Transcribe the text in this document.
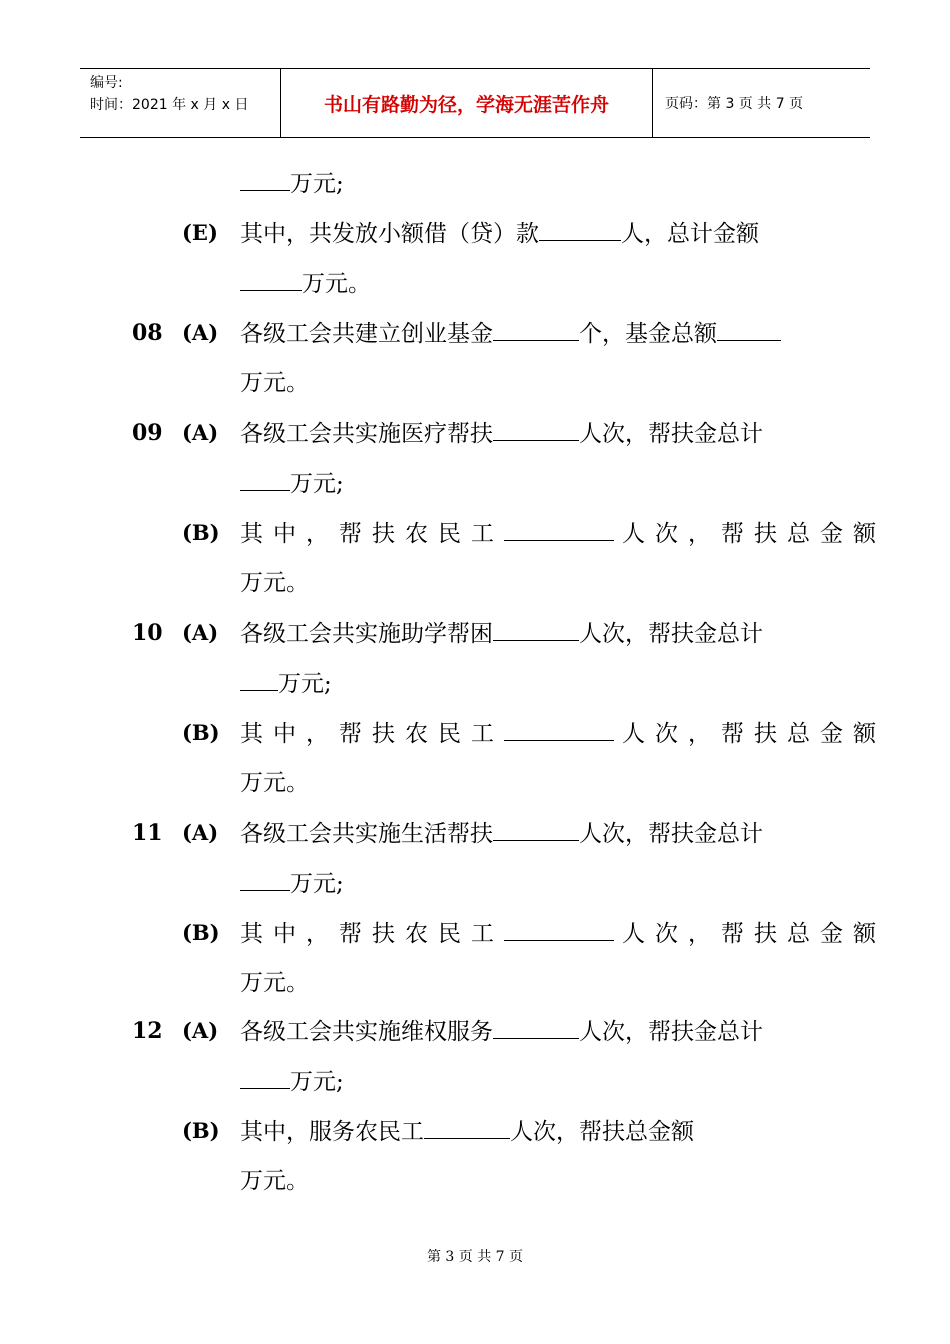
编号:
时间：2021 年 x 月 x 日	书山有路勤为径，学海无涯苦作舟	页码：第 3 页 共 7 页
万元;
(E) 其中，共发放小额借（贷）款	人，总计金额
万元。
08 (A) 各级工会共建立创业基金	个，基金总额
万元。
09 (A) 各级工会共实施医疗帮扶	人次，帮扶金总计
万元;
(B) 其中，帮扶农民工	人次，帮扶总金额
万元。
10 (A) 各级工会共实施助学帮困	人次，帮扶金总计
万元;
(B) 其中，帮扶农民工	人次，帮扶总金额
万元。
11 (A) 各级工会共实施生活帮扶	人次，帮扶金总计
万元;
(B) 其中，帮扶农民工	人次，帮扶总金额
万元。
12 (A) 各级工会共实施维权服务	人次，帮扶金总计
万元;
(B) 其中，服务农民工	人次，帮扶总金额
万元。
第 3 页 共 7 页
